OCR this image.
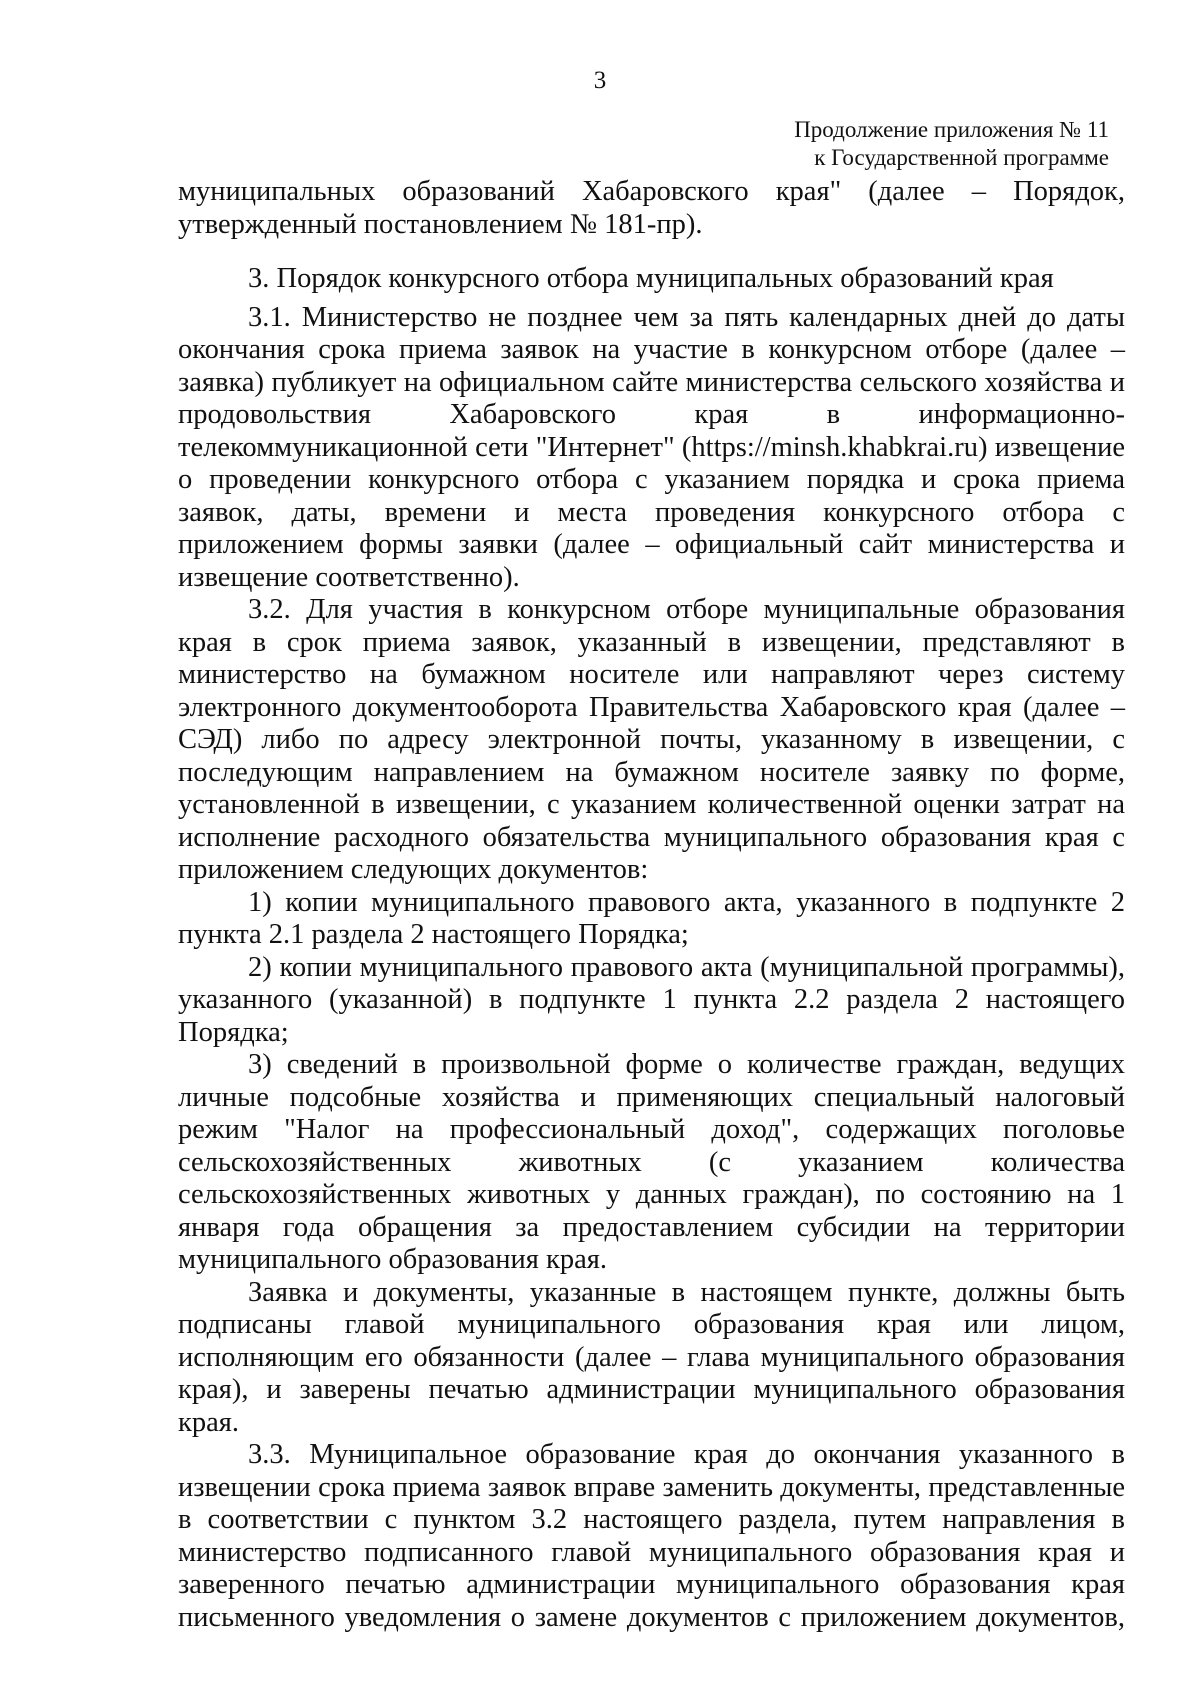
3
Продолжение приложения № 11
к Государственной программе

муниципальных образований Хабаровского края" (далее – Порядок, утвержденный постановлением № 181-пр).

3. Порядок конкурсного отбора муниципальных образований края

3.1. Министерство не позднее чем за пять календарных дней до даты окончания срока приема заявок на участие в конкурсном отборе (далее – заявка) публикует на официальном сайте министерства сельского хозяйства и продовольствия Хабаровского края в информационно-телекоммуникационной сети "Интернет" (https://minsh.khabkrai.ru) извещение о проведении конкурсного отбора с указанием порядка и срока приема заявок, даты, времени и места проведения конкурсного отбора с приложением формы заявки (далее – официальный сайт министерства и извещение соответственно).

3.2. Для участия в конкурсном отборе муниципальные образования края в срок приема заявок, указанный в извещении, представляют в министерство на бумажном носителе или направляют через систему электронного документооборота Правительства Хабаровского края (далее – СЭД) либо по адресу электронной почты, указанному в извещении, с последующим направлением на бумажном носителе заявку по форме, установленной в извещении, с указанием количественной оценки затрат на исполнение расходного обязательства муниципального образования края с приложением следующих документов:

1) копии муниципального правового акта, указанного в подпункте 2 пункта 2.1 раздела 2 настоящего Порядка;

2) копии муниципального правового акта (муниципальной программы), указанного (указанной) в подпункте 1 пункта 2.2 раздела 2 настоящего Порядка;

3) сведений в произвольной форме о количестве граждан, ведущих личные подсобные хозяйства и применяющих специальный налоговый режим "Налог на профессиональный доход", содержащих поголовье сельскохозяйственных животных (с указанием количества сельскохозяйственных животных у данных граждан), по состоянию на 1 января года обращения за предоставлением субсидии на территории муниципального образования края.

Заявка и документы, указанные в настоящем пункте, должны быть подписаны главой муниципального образования края или лицом, исполняющим его обязанности (далее – глава муниципального образования края), и заверены печатью администрации муниципального образования края.

3.3. Муниципальное образование края до окончания указанного в извещении срока приема заявок вправе заменить документы, представленные в соответствии с пунктом 3.2 настоящего раздела, путем направления в министерство подписанного главой муниципального образования края и заверенного печатью администрации муниципального образования края письменного уведомления о замене документов с приложением документов,
